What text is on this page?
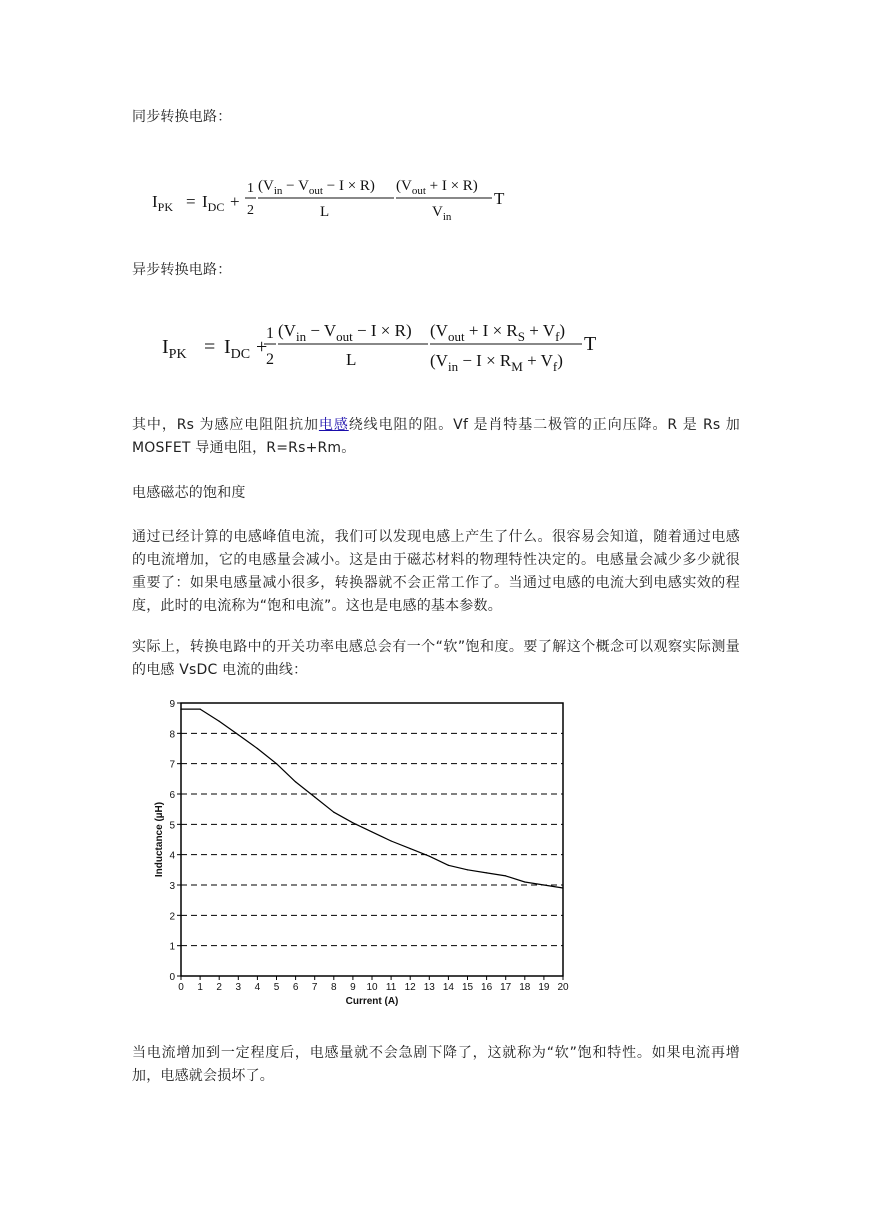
同步转换电路：

$I_{PK} = I_{DC}$ +
1
2
$(V_{in} - V_{out} - I \times R)$
L
$(V_{out} + I \times R)$
$V_{in}$
T

异步转换电路：

$I_{PK} = I_{DC}$ +
1
2
$(V_{in} - V_{out} - I \times R)$
L
$(V_{out} + I \times R_S + V_f)$
$(V_{in} - I \times R_M + V_f)$
T

其中，Rs 为感应电阻阻抗加电感绕线电阻的阻。Vf 是肖特基二极管的正向压降。R 是 Rs 加 MOSFET 导通电阻，R=Rs+Rm。

电感磁芯的饱和度

通过已经计算的电感峰值电流，我们可以发现电感上产生了什么。很容易会知道，随着通过电感的电流增加，它的电感量会减小。这是由于磁芯材料的物理特性决定的。电感量会减少多少就很重要了：如果电感量减小很多，转换器就不会正常工作了。当通过电感的电流大到电感实效的程度，此时的电流称为“饱和电流”。这也是电感的基本参数。

实际上，转换电路中的开关功率电感总会有一个“软”饱和度。要了解这个概念可以观察实际测量的电感 VsDC 电流的曲线：

0
1
2
3
4
5
6
7
8
9
0 1 2 3 4 5 6 7 8 9 10 11 12 13 14 15 16 17 18 19 20
Current (A)
Inductance (µH)

当电流增加到一定程度后，电感量就不会急剧下降了，这就称为“软”饱和特性。如果电流再增加，电感就会损坏了。
